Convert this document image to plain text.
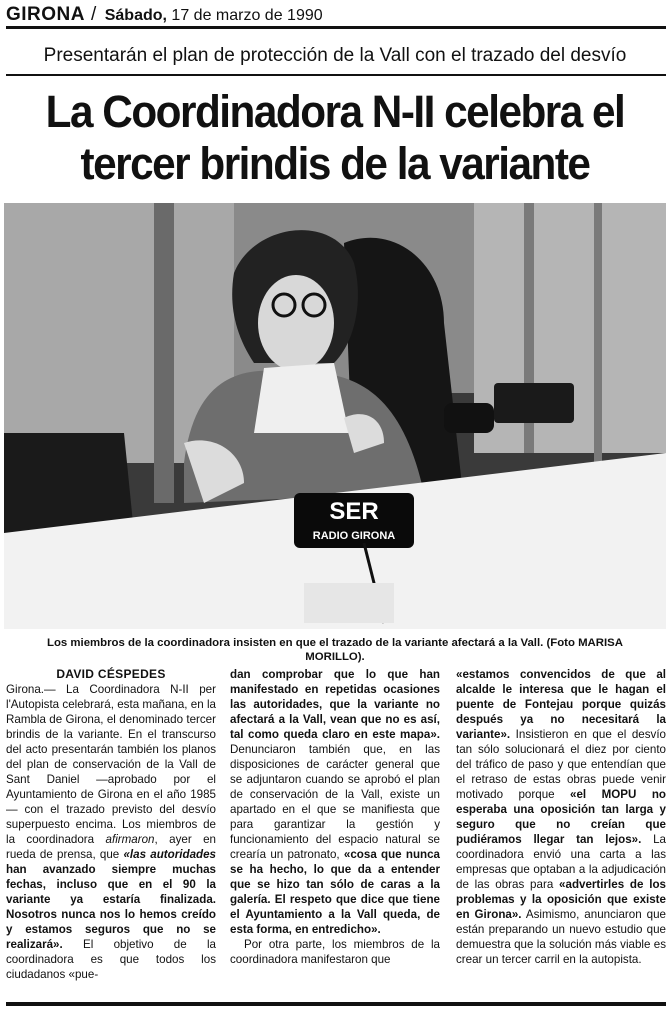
GIRONA / Sábado, 17 de marzo de 1990
Presentarán el plan de protección de la Vall con el trazado del desvío
La Coordinadora N-II celebra el
tercer brindis de la variante
SER
RADIO GIRONA
Los miembros de la coordinadora insisten en que el trazado de la variante afectará a la Vall. (Foto MARISA
MORILLO).
DAVID CÉSPEDES

Girona.— La Coordinadora N-II per l'Autopista celebrará, esta mañana, en la Rambla de Girona, el denominado tercer brindis de la variante. En el transcurso del acto presentarán también los planos del plan de conservación de la Vall de Sant Daniel —aprobado por el Ayuntamiento de Girona en el año 1985— con el trazado previsto del desvío superpuesto encima. Los miembros de la coordinadora afirmaron, ayer en rueda de prensa, que «las autoridades han avanzado siempre muchas fechas, incluso que en el 90 la variante ya estaría finalizada. Nosotros nunca nos lo hemos creído y estamos seguros que no se realizará». El objetivo de la coordinadora es que todos los ciudadanos «pue-

dan comprobar que lo que han manifestado en repetidas ocasiones las autoridades, que la variante no afectará a la Vall, vean que no es así, tal como queda claro en este mapa». Denunciaron también que, en las disposiciones de carácter general que se adjuntaron cuando se aprobó el plan de conservación de la Vall, existe un apartado en el que se manifiesta que para garantizar la gestión y funcionamiento del espacio natural se crearía un patronato, «cosa que nunca se ha hecho, lo que da a entender que se hizo tan sólo de caras a la galería. El respeto que dice que tiene el Ayuntamiento a la Vall queda, de esta forma, en entredicho».

Por otra parte, los miembros de la coordinadora manifestaron que

«estamos convencidos de que al alcalde le interesa que le hagan el puente de Fontejau porque quizás después ya no necesitará la variante». Insistieron en que el desvío tan sólo solucionará el diez por ciento del tráfico de paso y que entendían que el retraso de estas obras puede venir motivado porque «el MOPU no esperaba una oposición tan larga y seguro que no creían que pudiéramos llegar tan lejos». La coordinadora envió una carta a las empresas que optaban a la adjudicación de las obras para «advertirles de los problemas y la oposición que existe en Girona». Asimismo, anunciaron que están preparando un nuevo estudio que demuestra que la solución más viable es crear un tercer carril en la autopista.
